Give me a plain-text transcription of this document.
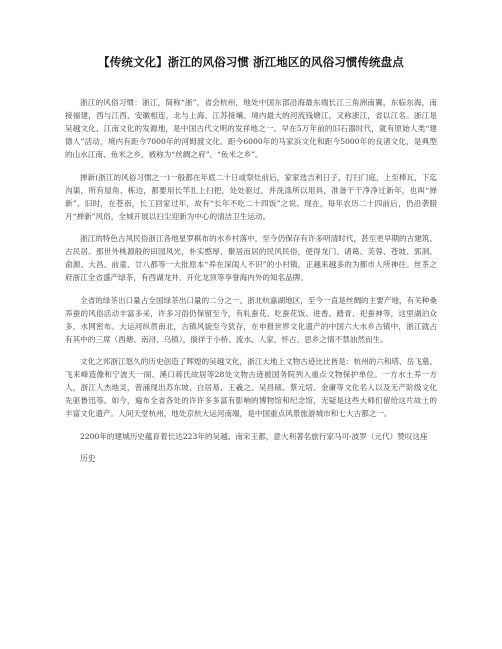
【传统文化】浙江的风俗习惯 浙江地区的风俗习惯传统盘点

浙江的风俗习惯：浙江，简称“浙”，省会杭州，地处中国东部沿海最东端长江三角洲南翼，东临东海，南接福建，西与江西、安徽相连，北与上海、江苏接壤。境内最大的河流钱塘江，又称浙江，省以江名。浙江是吴越文化、江南文化的发源地，是中国古代文明的发祥地之一。早在5万年前的旧石器时代，就有原始人类“建德人”活动，境内有距今7000年的河姆渡文化。距今6000年的马家浜文化和距今5000年的良渚文化，是典型的山水江南、鱼米之乡，被称为“丝绸之府”、“鱼米之乡”。

掸新(浙江的风俗习惯之一)一般都在年底二十日或祭灶前后，家家选吉利日子，打扫门庭，上至棒瓦，下迄沟渠，所有屋角、栋边，都要用长竿扎上扫把，处处驱过，并洗涤所以用具，准备干干净净过新年，也叫“掸新”。旧时，在苍南，长工回家过年，故有“长年不吃二十四饭”之说。现在，每年农历二十四前后，仍沿袭腊月“掸新”风俗，全城开展以扫尘迎新为中心的清洁卫生运动。

浙江的特色古风民俗浙江各地星罗棋布的水乡村落中，至今仍保存有许多明清时代，甚至更早期的古建筑、古民居。那世外桃源般的田园风光，朴实憨厚、聚居而居的民风民俗，使得龙门、诸葛、芙蓉、苍坡、郭洞、俞源、大昌、前童、廿八都等一大批原本“养在深闺人不识”的小村镇，正越来越多的为都市人所神往。丝茶之府浙江全省盛产绿茶，有西湖龙井、开化龙顶等享誉海内外的知名品牌。

全省的绿茶出口量占全国绿茶出口量的二分之一。浙北杭嘉湖地区，至今一直是丝绸的主要产地，有关种桑养蚕的风俗活动丰富多采，许多习俗仍保留至今，有轧蚕花、吃蚕花饭、进香、踏青、祀蚕神等，这里湖泊众多，水网密布。大运河纵贯南北，古镇风貌至今犹存，在申报世界文化遗产的中国六大水乡古镇中，浙江就占有其中的三席（西塘、南浔、乌镇），徜徉于小桥、流水、人家，怀古、思乡之情不禁油然而生。

文化之邦浙江悠久的历史创造了辉煌的吴越文化，浙江大地上文物古迹比比皆是：杭州的六和塔、岳飞墓、飞来峰造像和宁波天一阁、溪口蒋氏故居等28处文物古迹被国务院列入重点文物保护单位。一方水土养一方人，浙江人杰地灵，曾涌现出苏东坡、白居易、王羲之、吴昌硕、蔡元培、金庸等文化名人以及无产阶级文化先驱鲁迅等。如今，遍布全省各处的许许多多富有影响的博物馆和纪念馆，无疑是这些大师们留给这片故土的丰富文化遗产。人间天堂杭州，地处京杭大运河南端，是中国重点风景旅游城市和七大古都之一。

2200年的建城历史蕴育着长达223年的吴越、南宋王都，意大利著名旅行家马可·波罗（元代）赞叹这座

历史
